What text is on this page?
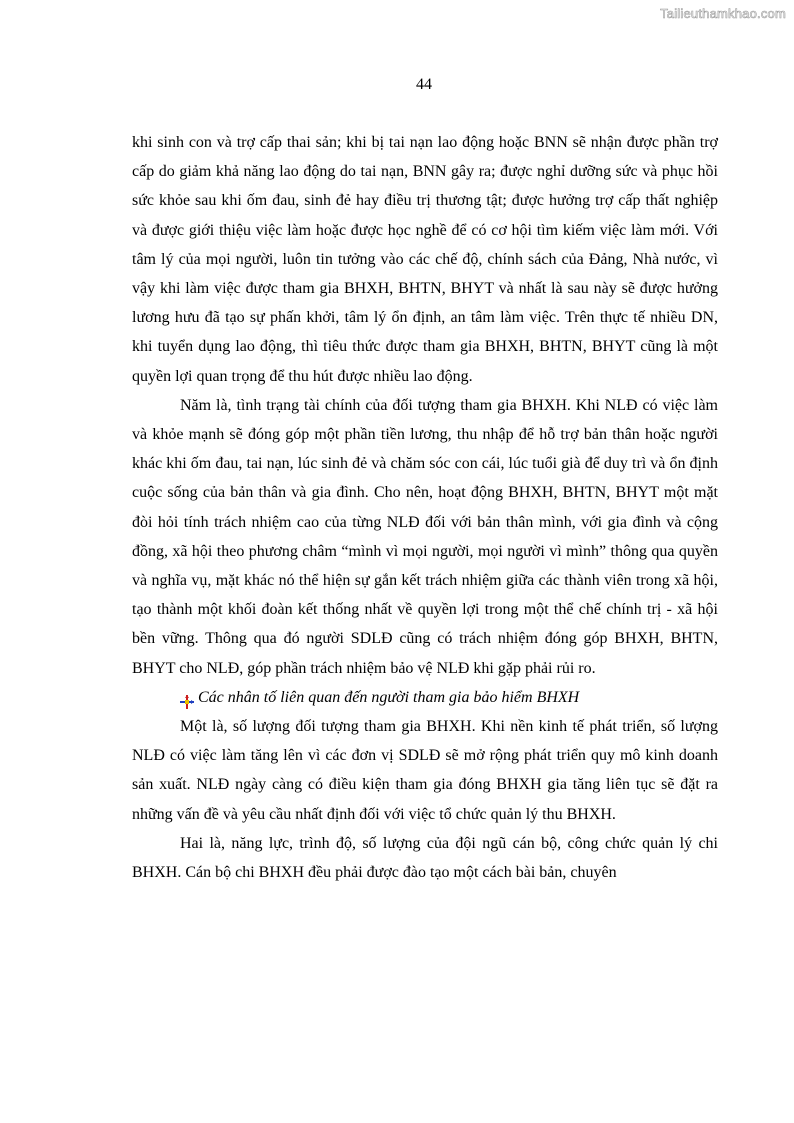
Tailieuthamkhao.com
44

khi sinh con và trợ cấp thai sản; khi bị tai nạn lao động hoặc BNN sẽ nhận được phần trợ cấp do giảm khả năng lao động do tai nạn, BNN gây ra; được nghỉ dưỡng sức và phục hồi sức khỏe sau khi ốm đau, sinh đẻ hay điều trị thương tật; được hưởng trợ cấp thất nghiệp và được giới thiệu việc làm hoặc được học nghề để có cơ hội tìm kiếm việc làm mới. Với tâm lý của mọi người, luôn tin tưởng vào các chế độ, chính sách của Đảng, Nhà nước, vì vậy khi làm việc được tham gia BHXH, BHTN, BHYT và nhất là sau này sẽ được hưởng lương hưu đã tạo sự phấn khởi, tâm lý ổn định, an tâm làm việc. Trên thực tế nhiều DN, khi tuyển dụng lao động, thì tiêu thức được tham gia BHXH, BHTN, BHYT cũng là một quyền lợi quan trọng để thu hút được nhiều lao động.

Năm là, tình trạng tài chính của đối tượng tham gia BHXH. Khi NLĐ có việc làm và khỏe mạnh sẽ đóng góp một phần tiền lương, thu nhập để hỗ trợ bản thân hoặc người khác khi ốm đau, tai nạn, lúc sinh đẻ và chăm sóc con cái, lúc tuổi già để duy trì và ổn định cuộc sống của bản thân và gia đình. Cho nên, hoạt động BHXH, BHTN, BHYT một mặt đòi hỏi tính trách nhiệm cao của từng NLĐ đối với bản thân mình, với gia đình và cộng đồng, xã hội theo phương châm “mình vì mọi người, mọi người vì mình” thông qua quyền và nghĩa vụ, mặt khác nó thể hiện sự gắn kết trách nhiệm giữa các thành viên trong xã hội, tạo thành một khối đoàn kết thống nhất về quyền lợi trong một thể chế chính trị - xã hội bền vững. Thông qua đó người SDLĐ cũng có trách nhiệm đóng góp BHXH, BHTN, BHYT cho NLĐ, góp phần trách nhiệm bảo vệ NLĐ khi gặp phải rủi ro.

Các nhân tố liên quan đến người tham gia bảo hiểm BHXH

Một là, số lượng đối tượng tham gia BHXH. Khi nền kinh tế phát triển, số lượng NLĐ có việc làm tăng lên vì các đơn vị SDLĐ sẽ mở rộng phát triển quy mô kinh doanh sản xuất. NLĐ ngày càng có điều kiện tham gia đóng BHXH gia tăng liên tục sẽ đặt ra những vấn đề và yêu cầu nhất định đối với việc tổ chức quản lý thu BHXH.

Hai là, năng lực, trình độ, số lượng của đội ngũ cán bộ, công chức quản lý chi BHXH. Cán bộ chi BHXH đều phải được đào tạo một cách bài bản, chuyên
